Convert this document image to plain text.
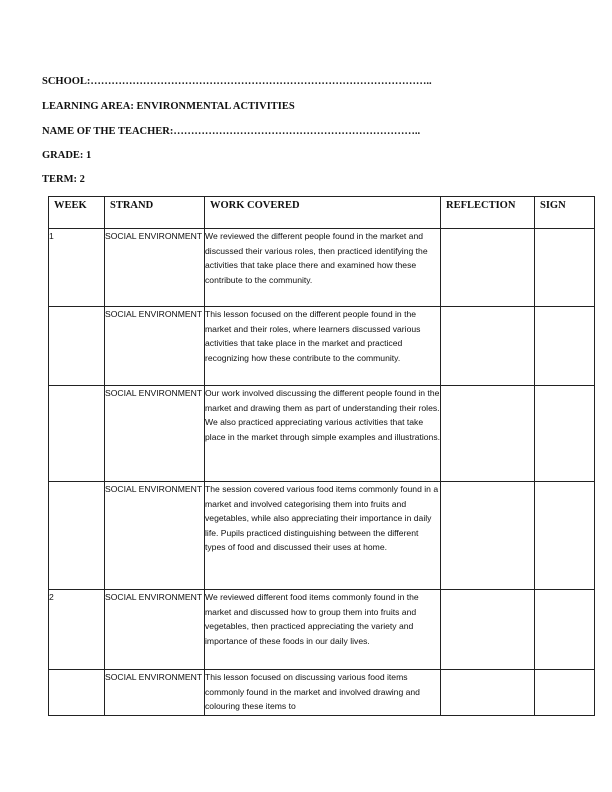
SCHOOL:……………………………………………………………………………………..
LEARNING AREA: ENVIRONMENTAL ACTIVITIES
NAME OF THE TEACHER:……………………………………………………………..
GRADE: 1
TERM: 2
WEEK	STRAND	WORK COVERED	REFLECTION	SIGN
1	SOCIAL ENVIRONMENT	We reviewed the different people found in the market and discussed their various roles, then practiced identifying the activities that take place there and examined how these contribute to the community.		
	SOCIAL ENVIRONMENT	This lesson focused on the different people found in the market and their roles, where learners discussed various activities that take place in the market and practiced recognizing how these contribute to the community.		
	SOCIAL ENVIRONMENT	Our work involved discussing the different people found in the market and drawing them as part of understanding their roles. We also practiced appreciating various activities that take place in the market through simple examples and illustrations.		
	SOCIAL ENVIRONMENT	The session covered various food items commonly found in a market and involved categorising them into fruits and vegetables, while also appreciating their importance in daily life. Pupils practiced distinguishing between the different types of food and discussed their uses at home.		
2	SOCIAL ENVIRONMENT	We reviewed different food items commonly found in the market and discussed how to group them into fruits and vegetables, then practiced appreciating the variety and importance of these foods in our daily lives.		
	SOCIAL ENVIRONMENT	This lesson focused on discussing various food items commonly found in the market and involved drawing and colouring these items to		
